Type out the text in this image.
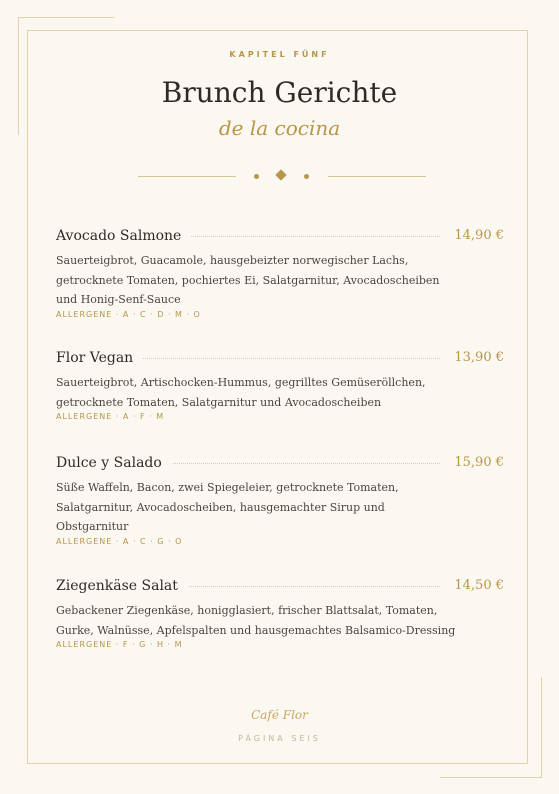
KAPITEL FÜNF
Brunch Gerichte
de la cocina
Avocado Salmone	14,90 €
Sauerteigbrot, Guacamole, hausgebeizter norwegischer Lachs, getrocknete Tomaten, pochiertes Ei, Salatgarnitur, Avocadoscheiben und Honig-Senf-Sauce
ALLERGENE · A · C · D · M · O
Flor Vegan	13,90 €
Sauerteigbrot, Artischocken-Hummus, gegrilltes Gemüseröllchen, getrocknete Tomaten, Salatgarnitur und Avocadoscheiben
ALLERGENE · A · F · M
Dulce y Salado	15,90 €
Süße Waffeln, Bacon, zwei Spiegeleier, getrocknete Tomaten, Salatgarnitur, Avocadoscheiben, hausgemachter Sirup und Obstgarnitur
ALLERGENE · A · C · G · O
Ziegenkäse Salat	14,50 €
Gebackener Ziegenkäse, honigglasiert, frischer Blattsalat, Tomaten, Gurke, Walnüsse, Apfelspalten und hausgemachtes Balsamico-Dressing
ALLERGENE · F · G · H · M
Café Flor
PÁGINA SEIS
